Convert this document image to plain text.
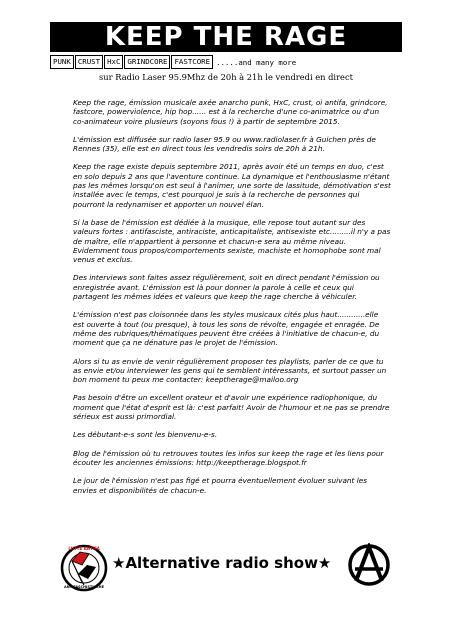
KEEP THE RAGE
PUNK CRUST HxC GRINDCORE FASTCORE .....and many more
sur Radio Laser 95.9Mhz de 20h à 21h le vendredi en direct

Keep the rage, émission musicale axée anarcho punk, HxC, crust, oi antifa, grindcore, fastcore, powerviolence, hip hop...... est à la recherche d'une co-animatrice ou d'un co-animateur voire plusieurs (soyons fous !) à partir de septembre 2015.

L'émission est diffusée sur radio laser 95.9 ou www.radiolaser.fr à Guichen près de Rennes (35), elle est en direct tous les vendredis soirs de 20h à 21h.

Keep the rage existe depuis septembre 2011, après avoir été un temps en duo, c'est en solo depuis 2 ans que l'aventure continue. La dynamique et l'enthousiasme n'étant pas les mêmes lorsqu'on est seul à l'animer, une sorte de lassitude, démotivation s'est installée avec le temps, c'est pourquoi je suis à la recherche de personnes qui pourront la redynamiser et apporter un nouvel élan.

Si la base de l'émission est dédiée à la musique, elle repose tout autant sur des valeurs fortes : antifasciste, antiraciste, anticapitaliste, antisexiste etc.........il n'y a pas de maître, elle n'appartient à personne et chacun-e sera au même niveau. Evidemment tous propos/comportements sexiste, machiste et homophobe sont mal venus et exclus.

Des interviews sont faites assez régulièrement, soit en direct pendant l'émission ou enregistrée avant. L'émission est là pour donner la parole à celle et ceux qui partagent les mêmes idées et valeurs que keep the rage cherche à véhiculer.

L'émission n'est pas cloisonnée dans les styles musicaux cités plus haut............elle est ouverte à tout (ou presque), à tous les sons de révolte, engagée et enragée. De même des rubriques/thématiques peuvent être créées à l'initiative de chacun-e, du moment que ça ne dénature pas le projet de l'émission.

Alors si tu as envie de venir régulièrement proposer tes playlists, parler de ce que tu as envie et/ou interviewer les gens qui te semblent intéressants, et surtout passer un bon moment tu peux me contacter: keeptherage@mailoo.org

Pas besoin d'être un excellent orateur et d'avoir une expérience radiophonique, du moment que l'état d'esprit est là: c'est parfait! Avoir de l'humour et ne pas se prendre sérieux est aussi primordial.

Les débutant-e-s sont les bienvenu-e-s.

Blog de l'émission où tu retrouves toutes les infos sur keep the rage et les liens pour écouter les anciennes émissions: http://keeptherage.blogspot.fr

Le jour de l'émission n'est pas figé et pourra éventuellement évoluer suivant les envies et disponibilités de chacun-e.

LUTTE ANTIFA
ANTIFASCHISTISCHE
★Alternative radio show★
